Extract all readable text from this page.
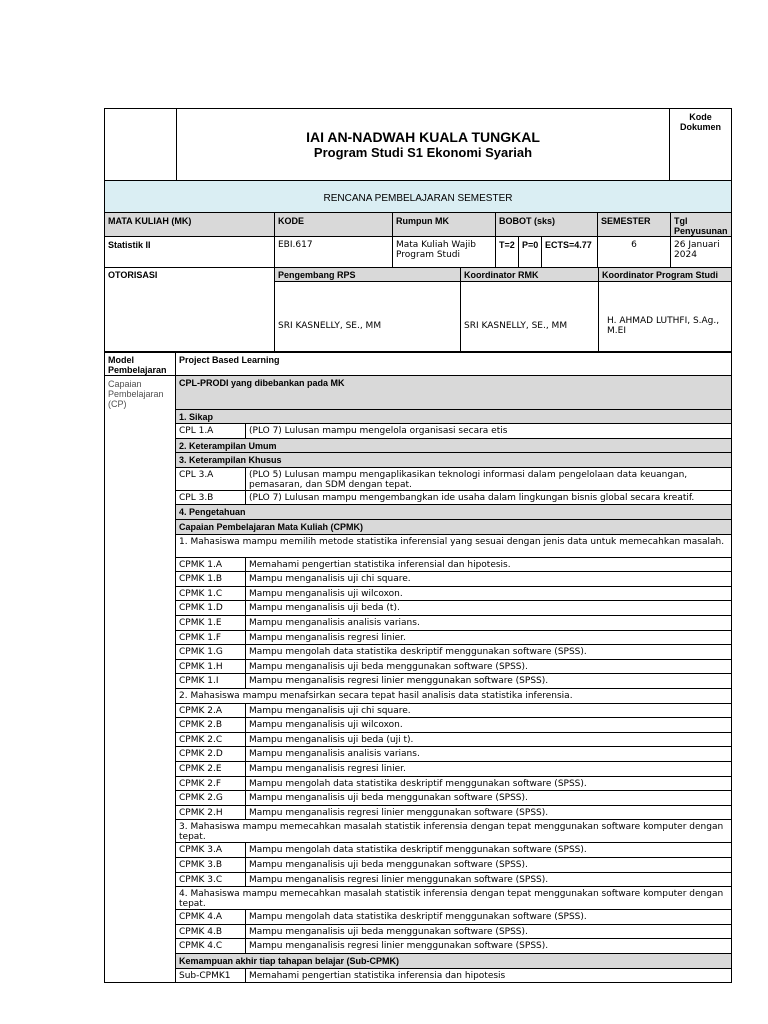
IAI AN-NADWAH KUALA TUNGKAL
Program Studi S1 Ekonomi Syariah

Kode Dokumen

RENCANA PEMBELAJARAN SEMESTER
MATA KULIAH (MK)	KODE	Rumpun MK	BOBOT (sks)			SEMESTER	Tgl Penyusunan
Statistik II	EBI.617	Mata Kuliah Wajib Program Studi	T=2	P=0	ECTS=4.77	6	26 Januari 2024
OTORISASI	Pengembang RPS	Koordinator RMK	Koordinator Program Studi
	SRI KASNELLY, SE., MM	SRI KASNELLY, SE., MM	H. AHMAD LUTHFI, S.Ag., M.EI
Model Pembelajaran	Project Based Learning	

Capaian Pembelajaran (CP)	CPL-PRODI yang dibebankan pada MK	
	1. Sikap	
	CPL 1.A	(PLO 7) Lulusan mampu mengelola organisasi secara etis
	2. Keterampilan Umum	
	3. Keterampilan Khusus	
	CPL 3.A	(PLO 5) Lulusan mampu mengaplikasikan teknologi informasi dalam pengelolaan data keuangan, pemasaran, dan SDM dengan tepat.
	CPL 3.B	(PLO 7) Lulusan mampu mengembangkan ide usaha dalam lingkungan bisnis global secara kreatif.
	4. Pengetahuan	
	Capaian Pembelajaran Mata Kuliah (CPMK)	
	1. Mahasiswa mampu memilih metode statistika inferensial yang sesuai dengan jenis data untuk memecahkan masalah.	
	CPMK 1.A	Memahami pengertian statistika inferensial dan hipotesis.
	CPMK 1.B	Mampu menganalisis uji chi square.
	CPMK 1.C	Mampu menganalisis uji wilcoxon.
	CPMK 1.D	Mampu menganalisis uji beda (t).
	CPMK 1.E	Mampu menganalisis analisis varians.
	CPMK 1.F	Mampu menganalisis regresi linier.
	CPMK 1.G	Mampu mengolah data statistika deskriptif menggunakan software (SPSS).
	CPMK 1.H	Mampu menganalisis uji beda menggunakan software (SPSS).
	CPMK 1.I	Mampu menganalisis regresi linier menggunakan software (SPSS).
	2. Mahasiswa mampu menafsirkan secara tepat hasil analisis data statistika inferensia.	
	CPMK 2.A	Mampu menganalisis uji chi square.
	CPMK 2.B	Mampu menganalisis uji wilcoxon.
	CPMK 2.C	Mampu menganalisis uji beda (uji t).
	CPMK 2.D	Mampu menganalisis analisis varians.
	CPMK 2.E	Mampu menganalisis regresi linier.
	CPMK 2.F	Mampu mengolah data statistika deskriptif menggunakan software (SPSS).
	CPMK 2.G	Mampu menganalisis uji beda menggunakan software (SPSS).
	CPMK 2.H	Mampu menganalisis regresi linier menggunakan software (SPSS).
	3. Mahasiswa mampu memecahkan masalah statistik inferensia dengan tepat menggunakan software komputer dengan tepat.	
	CPMK 3.A	Mampu mengolah data statistika deskriptif menggunakan software (SPSS).
	CPMK 3.B	Mampu menganalisis uji beda menggunakan software (SPSS).
	CPMK 3.C	Mampu menganalisis regresi linier menggunakan software (SPSS).
	4. Mahasiswa mampu memecahkan masalah statistik inferensia dengan tepat menggunakan software komputer dengan tepat.	
	CPMK 4.A	Mampu mengolah data statistika deskriptif menggunakan software (SPSS).
	CPMK 4.B	Mampu menganalisis uji beda menggunakan software (SPSS).
	CPMK 4.C	Mampu menganalisis regresi linier menggunakan software (SPSS).
	Kemampuan akhir tiap tahapan belajar (Sub-CPMK)	
	Sub-CPMK1	Memahami pengertian statistika inferensia dan hipotesis
